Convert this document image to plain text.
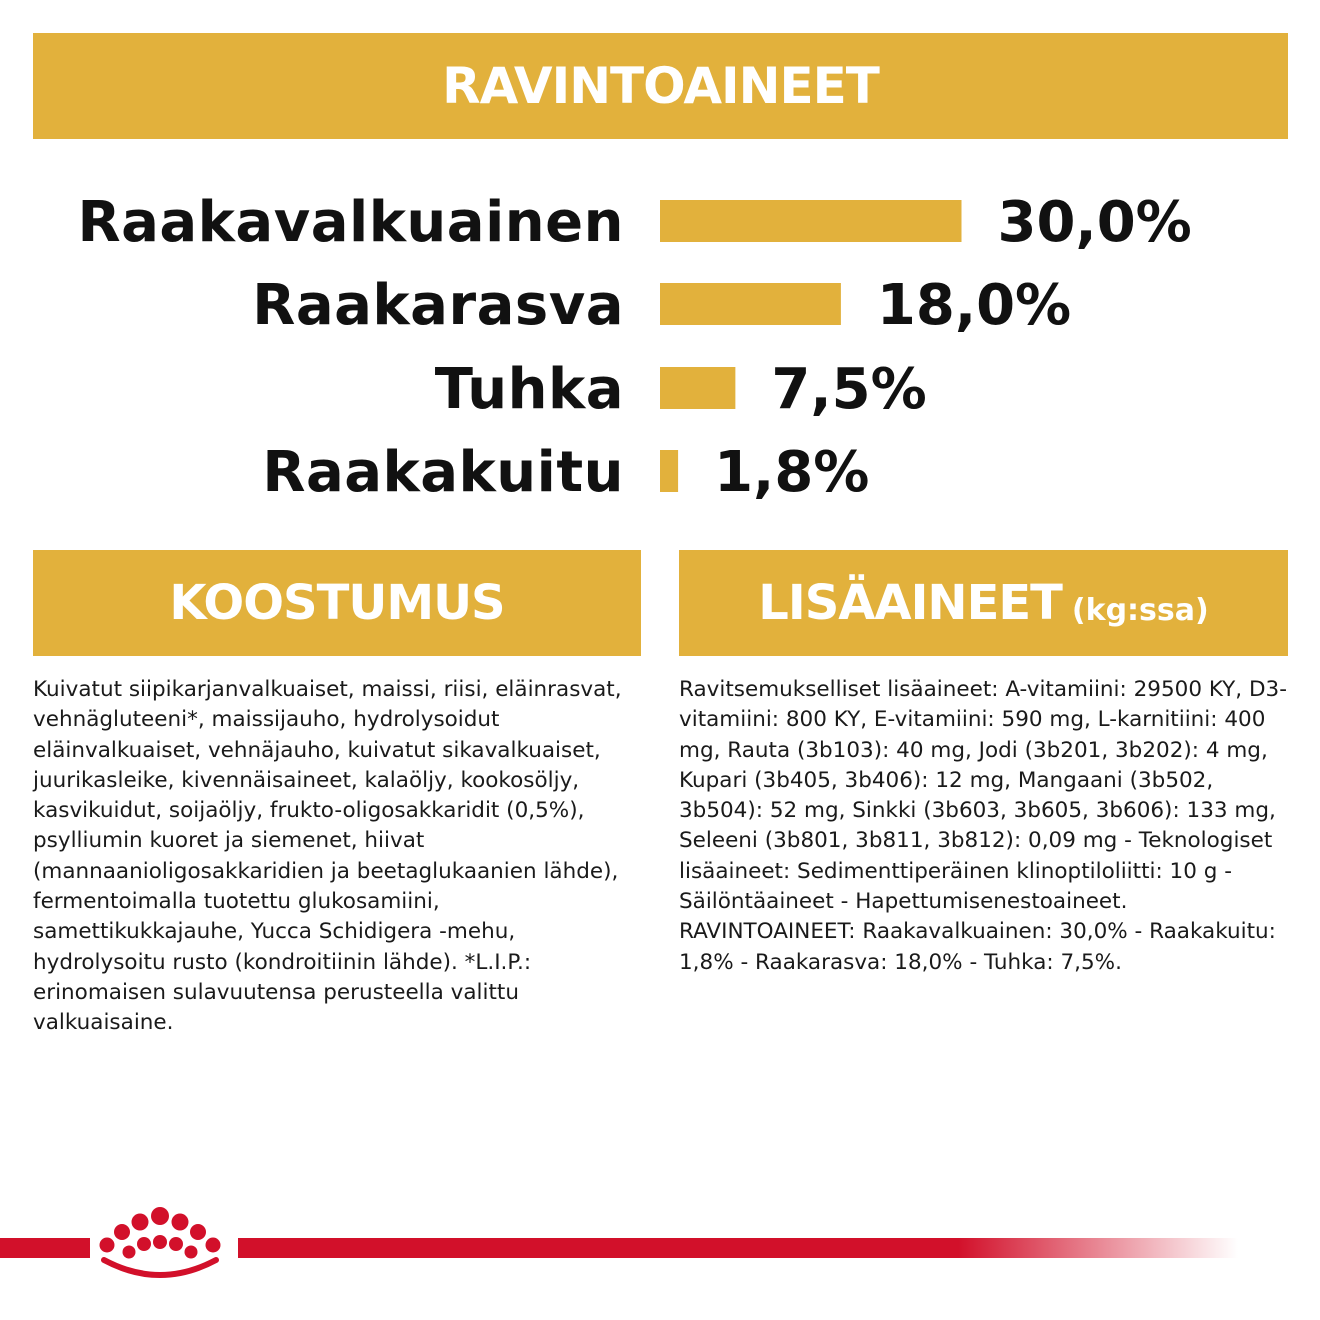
RAVINTOAINEET
Raakavalkuainen	30,0%
Raakarasva	18,0%
Tuhka	7,5%
Raakakuitu 1,8%
KOOSTUMUS	LISÄAINEET (kg:ssa)

Kuivatut siipikarjanvalkuaiset, maissi, riisi, eläinrasvat, vehnägluteeni*, maissijauho, hydrolysoidut eläinvalkuaiset, vehnäjauho, kuivatut sikavalkuaiset, juurikasleike, kivennäisaineet, kalaöljy, kookosöljy, kasvikuidut, soijaöljy, frukto-oligosakkaridit (0,5%), psylliumin kuoret ja siemenet, hiivat (mannaanioligosakkaridien ja beetaglukaanien lähde), fermentoimalla tuotettu glukosamiini, samettikukkajauhe, Yucca Schidigera -mehu, hydrolysoitu rusto (kondroitiinin lähde). *L.I.P.: erinomaisen sulavuutensa perusteella valittu valkuaisaine.

Ravitsemukselliset lisäaineet: A-vitamiini: 29500 KY, D3-vitamiini: 800 KY, E-vitamiini: 590 mg, L-karnitiini: 400 mg, Rauta (3b103): 40 mg, Jodi (3b201, 3b202): 4 mg, Kupari (3b405, 3b406): 12 mg, Mangaani (3b502, 3b504): 52 mg, Sinkki (3b603, 3b605, 3b606): 133 mg, Seleeni (3b801, 3b811, 3b812): 0,09 mg - Teknologiset lisäaineet: Sedimenttiperäinen klinoptiloliitti: 10 g - Säilöntäaineet - Hapettumisenestoaineet. RAVINTOAINEET: Raakavalkuainen: 30,0% - Raakakuitu: 1,8% - Raakarasva: 18,0% - Tuhka: 7,5%.
